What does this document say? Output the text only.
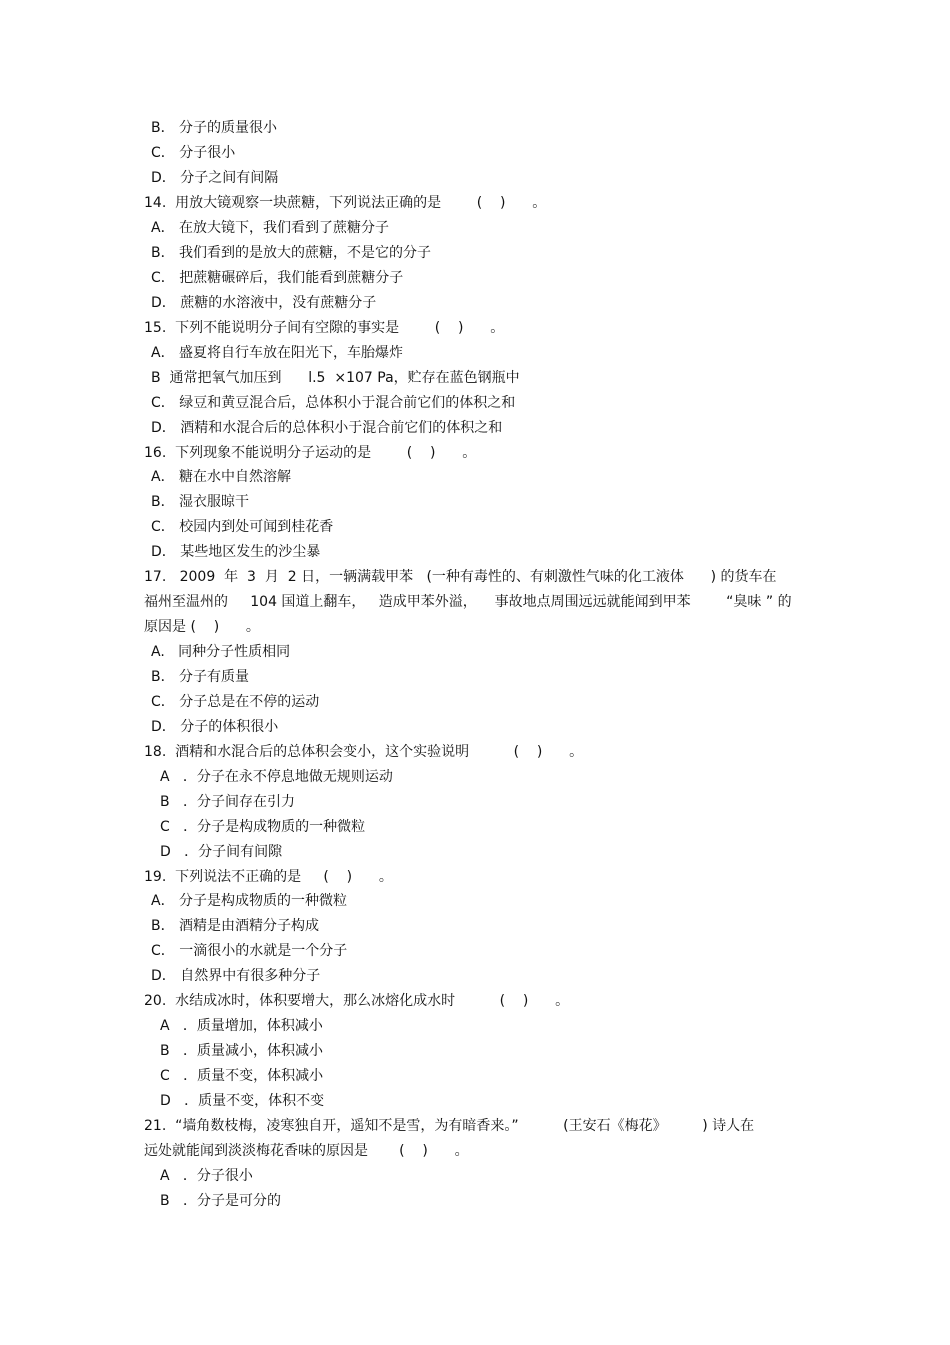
B． 分子的质量很小
C． 分子很小
D． 分子之间有间隔
14.  用放大镜观察一块蔗糖，下列说法正确的是        (    )      。
A． 在放大镜下，我们看到了蔗糖分子
B． 我们看到的是放大的蔗糖，不是它的分子
C． 把蔗糖碾碎后，我们能看到蔗糖分子
D． 蔗糖的水溶液中，没有蔗糖分子
15.  下列不能说明分子间有空隙的事实是        (    )      。
A． 盛夏将自行车放在阳光下，车胎爆炸
B  通常把氧气加压到      l.5  ×107 Pa，贮存在蓝色钢瓶中
C． 绿豆和黄豆混合后，总体积小于混合前它们的体积之和
D． 酒精和水混合后的总体积小于混合前它们的体积之和
16.  下列现象不能说明分子运动的是        (    )      。
A． 糖在水中自然溶解
B． 湿衣服晾干
C． 校园内到处可闻到桂花香
D． 某些地区发生的沙尘暴
17.   2009  年  3  月  2 日，一辆满载甲苯   (一种有毒性的、有刺激性气味的化工液体      ) 的货车在
福州至温州的     104 国道上翻车，   造成甲苯外溢，    事故地点周围远远就能闻到甲苯        “臭味 ” 的
原因是 (    )      。
A.   同种分子性质相同
B． 分子有质量
C． 分子总是在不停的运动
D． 分子的体积很小
18.  酒精和水混合后的总体积会变小，这个实验说明          (    )      。
A   ．分子在永不停息地做无规则运动
B   ．分子间存在引力
C   ．分子是构成物质的一种微粒
D   ．分子间有间隙
19.  下列说法不正确的是     (    )      。
A． 分子是构成物质的一种微粒
B． 酒精是由酒精分子构成
C． 一滴很小的水就是一个分子
D． 自然界中有很多种分子
20.  水结成冰时，体积要增大，那么冰熔化成水时          (    )      。
A   ．质量增加，体积减小
B   ．质量减小，体积减小
C   ．质量不变，体积减小
D   ．质量不变，体积不变
21.  “墙角数枝梅，凌寒独自开，遥知不是雪，为有暗香来。”          (王安石《梅花》        ) 诗人在
远处就能闻到淡淡梅花香味的原因是       (    )      。
A   ．分子很小
B   ．分子是可分的
